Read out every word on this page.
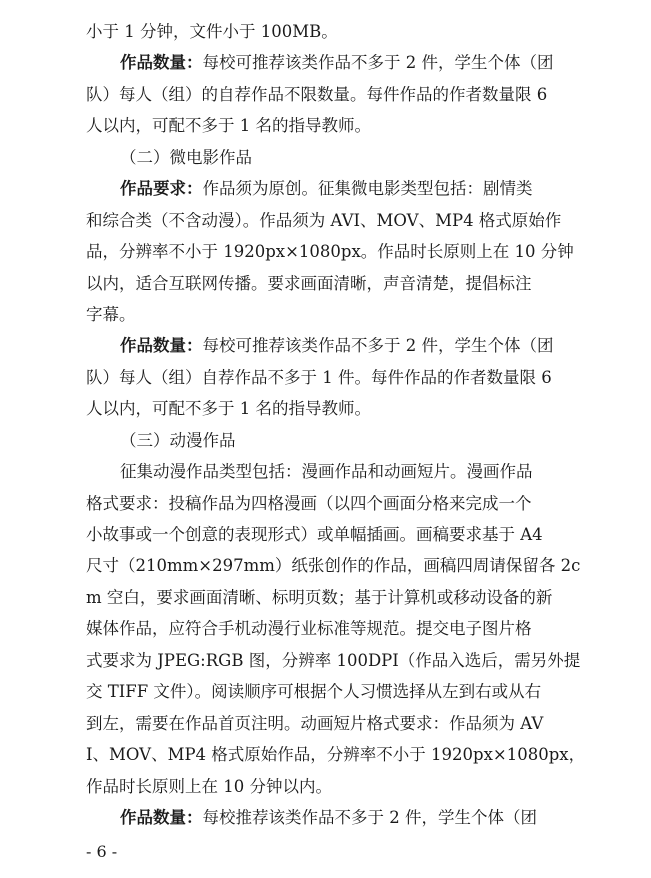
小于 1 分钟，文件小于 100MB。
作品数量：每校可推荐该类作品不多于 2 件，学生个体（团
队）每人（组）的自荐作品不限数量。每件作品的作者数量限 6
人以内，可配不多于 1 名的指导教师。
（二）微电影作品
作品要求：作品须为原创。征集微电影类型包括：剧情类
和综合类（不含动漫）。作品须为 AVI、MOV、MP4 格式原始作
品，分辨率不小于 1920px×1080px。作品时长原则上在 10 分钟
以内，适合互联网传播。要求画面清晰，声音清楚，提倡标注
字幕。
作品数量：每校可推荐该类作品不多于 2 件，学生个体（团
队）每人（组）自荐作品不多于 1 件。每件作品的作者数量限 6
人以内，可配不多于 1 名的指导教师。
（三）动漫作品
征集动漫作品类型包括：漫画作品和动画短片。漫画作品
格式要求：投稿作品为四格漫画（以四个画面分格来完成一个
小故事或一个创意的表现形式）或单幅插画。画稿要求基于 A4
尺寸（210mm×297mm）纸张创作的作品，画稿四周请保留各 2c
m 空白，要求画面清晰、标明页数；基于计算机或移动设备的新
媒体作品，应符合手机动漫行业标准等规范。提交电子图片格
式要求为 JPEG:RGB 图，分辨率 100DPI（作品入选后，需另外提
交 TIFF 文件）。阅读顺序可根据个人习惯选择从左到右或从右
到左，需要在作品首页注明。动画短片格式要求：作品须为 AV
I、MOV、MP4 格式原始作品，分辨率不小于 1920px×1080px，
作品时长原则上在 10 分钟以内。
作品数量：每校推荐该类作品不多于 2 件，学生个体（团
- 6 -
